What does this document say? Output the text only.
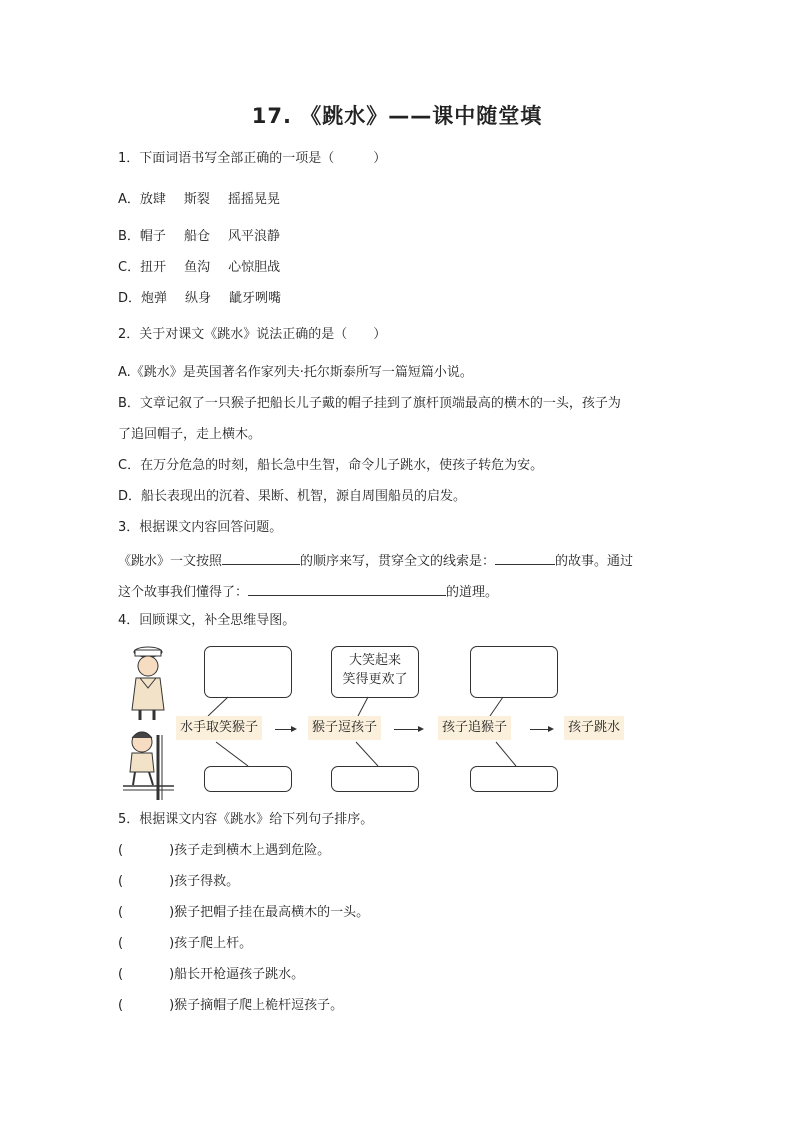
17. 《跳水》——课中随堂填
1．下面词语书写全部正确的一项是（　　　）
A．放肆 斯裂 摇摇晃晃
B．帽子 船仓 风平浪静
C．扭开 鱼沟 心惊胆战
D．炮弹 纵身 龇牙咧嘴
2．关于对课文《跳水》说法正确的是（　　）
A.《跳水》是英国著名作家列夫·托尔斯泰所写一篇短篇小说。
B．文章记叙了一只猴子把船长儿子戴的帽子挂到了旗杆顶端最高的横木的一头，孩子为
了追回帽子，走上横木。
C．在万分危急的时刻，船长急中生智，命令儿子跳水，使孩子转危为安。
D．船长表现出的沉着、果断、机智，源自周围船员的启发。
3．根据课文内容回答问题。
《跳水》一文按照	的顺序来写，贯穿全文的线索是：	的故事。通过
这个故事我们懂得了：	的道理。
4．回顾课文，补全思维导图。
大笑起来
笑得更欢了
水手取笑猴子	猴子逗孩子	孩子追猴子	孩子跳水
5．根据课文内容《跳水》给下列句子排序。
(	)孩子走到横木上遇到危险。
(	)孩子得救。
(	)猴子把帽子挂在最高横木的一头。
(	)孩子爬上杆。
(	)船长开枪逼孩子跳水。
(	)猴子摘帽子爬上桅杆逗孩子。
